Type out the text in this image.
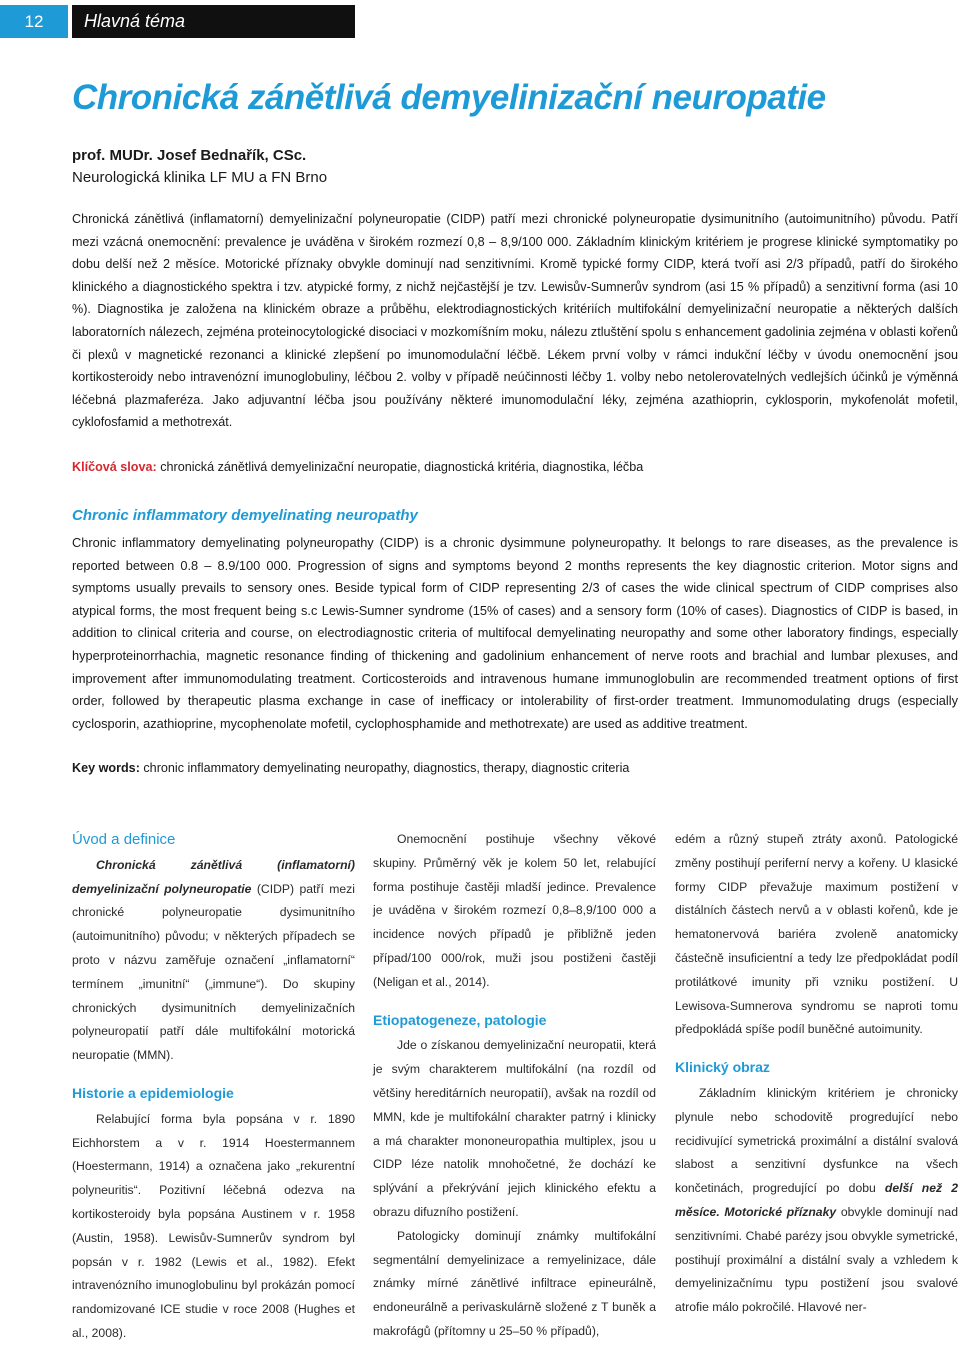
12	Hlavná téma
Chronická zánětlivá demyelinizační neuropatie

prof. MUDr. Josef Bednařík, CSc.

Neurologická klinika LF MU a FN Brno

Chronická zánětlivá (inflamatorní) demyelinizační polyneuropatie (CIDP) patří mezi chronické polyneuropatie dysimunitního (autoimunitního) původu. Patří mezi vzácná onemocnění: prevalence je uváděna v širokém rozmezí 0,8 – 8,9/100 000. Základním klinickým kritériem je progrese klinické symptomatiky po dobu delší než 2 měsíce. Motorické příznaky obvykle dominují nad senzitivními. Kromě typické formy CIDP, která tvoří asi 2/3 případů, patří do širokého klinického a diagnostického spektra i tzv. atypické formy, z nichž nejčastější je tzv. Lewisův-Sumnerův syndrom (asi 15 % případů) a senzitivní forma (asi 10 %). Diagnostika je založena na klinickém obraze a průběhu, elektrodiagnostických kritériích multifokální demyelinizační neuropatie a některých dalších laboratorních nálezech, zejména proteinocytologické disociaci v mozkomíšním moku, nálezu ztluštění spolu s enhancement gadolinia zejména v oblasti kořenů či plexů v magnetické rezonanci a klinické zlepšení po imunomodulační léčbě. Lékem první volby v rámci indukční léčby v úvodu onemocnění jsou kortikosteroidy nebo intravenózní imunoglobuliny, léčbou 2. volby v případě neúčinnosti léčby 1. volby nebo netolerovatelných vedlejších účinků je výměnná léčebná plazmaferéza. Jako adjuvantní léčba jsou používány některé imunomodulační léky, zejména azathioprin, cyklosporin, mykofenolát mofetil, cyklofosfamid a methotrexát.

Klíčová slova: chronická zánětlivá demyelinizační neuropatie, diagnostická kritéria, diagnostika, léčba

Chronic inflammatory demyelinating neuropathy

Chronic inflammatory demyelinating polyneuropathy (CIDP) is a chronic dysimmune polyneuropathy. It belongs to rare diseases, as the prevalence is reported between 0.8 – 8.9/100 000. Progression of signs and symptoms beyond 2 months represents the key diagnostic criterion. Motor signs and symptoms usually prevails to sensory ones. Beside typical form of CIDP representing 2/3 of cases the wide clinical spectrum of CIDP comprises also atypical forms, the most frequent being s.c Lewis-Sumner syndrome (15% of cases) and a sensory form (10% of cases). Diagnostics of CIDP is based, in addition to clinical criteria and course, on electrodiagnostic criteria of multifocal demyelinating neuropathy and some other laboratory findings, especially hyperproteinorrhachia, magnetic resonance finding of thickening and gadolinium enhancement of nerve roots and brachial and lumbar plexuses, and improvement after immunomodulating treatment. Corticosteroids and intravenous humane immunoglobulin are recommended treatment options of first order, followed by therapeutic plasma exchange in case of inefficacy or intolerability of first-order treatment. Immunomodulating drugs (especially cyclosporin, azathioprine, mycophenolate mofetil, cyclophosphamide and methotrexate) are used as additive treatment.

Key words: chronic inflammatory demyelinating neuropathy, diagnostics, therapy, diagnostic criteria

Úvod a definice

Chronická zánětlivá (inflamatorní) demyelinizační polyneuropatie (CIDP) patří mezi chronické polyneuropatie dysimunitního (autoimunitního) původu; v některých případech se proto v názvu zaměřuje označení „inflamatorní“ termínem „imunitní“ („immune“). Do skupiny chronických dysimunitních demyelinizačních polyneuropatií patří dále multifokální motorická neuropatie (MMN).

Historie a epidemiologie

Relabující forma byla popsána v r. 1890 Eichhorstem a v r. 1914 Hoestermannem (Hoestermann, 1914) a označena jako „rekurentní polyneuritis“. Pozitivní léčebná odezva na kortikosteroidy byla popsána Austinem v r. 1958 (Austin, 1958). Lewisův-Sumnerův syndrom byl popsán v r. 1982 (Lewis et al., 1982). Efekt intravenózního imunoglobulinu byl prokázán pomocí randomizované ICE studie v roce 2008 (Hughes et al., 2008).

Onemocnění postihuje všechny věkové skupiny. Průměrný věk je kolem 50 let, relabující forma postihuje častěji mladší jedince. Prevalence je uváděna v širokém rozmezí 0,8–8,9/100 000 a incidence nových případů je přibližně jeden případ/100 000/rok, muži jsou postiženi častěji (Neligan et al., 2014).

Etiopatogeneze, patologie

Jde o získanou demyelinizační neuropatii, která je svým charakterem multifokální (na rozdíl od většiny hereditárních neuropatií), avšak na rozdíl od MMN, kde je multifokální charakter patrný i klinicky a má charakter mononeuropathia multiplex, jsou u CIDP léze natolik mnohočetné, že dochází ke splývání a překrývání jejich klinického efektu a obrazu difuzního postižení.

Patologicky dominují známky multifokální segmentální demyelinizace a remyelinizace, dále známky mírné zánětlivé infiltrace epineurálně, endoneurálně a perivaskulárně složené z T buněk a makrofágů (přítomny u 25–50 % případů),

edém a různý stupeň ztráty axonů. Patologické změny postihují periferní nervy a kořeny. U klasické formy CIDP převažuje maximum postižení v distálních částech nervů a v oblasti kořenů, kde je hematonervová bariéra zvoleně anatomicky částečně insuficientní a tedy lze předpokládat podíl protilátkové imunity při vzniku postižení. U Lewisova-Sumnerova syndromu se naproti tomu předpokládá spíše podíl buněčné autoimunity.

Klinický obraz

Základním klinickým kritériem je chronicky plynule nebo schodovitě progredující nebo recidivující symetrická proximální a distální svalová slabost a senzitivní dysfunkce na všech končetinách, progredující po dobu delší než 2 měsíce. Motorické příznaky obvykle dominují nad senzitivními. Chabé parézy jsou obvykle symetrické, postihují proximální a distální svaly a vzhledem k demyelinizačnímu typu postižení jsou svalové atrofie málo pokročilé. Hlavové ner-
